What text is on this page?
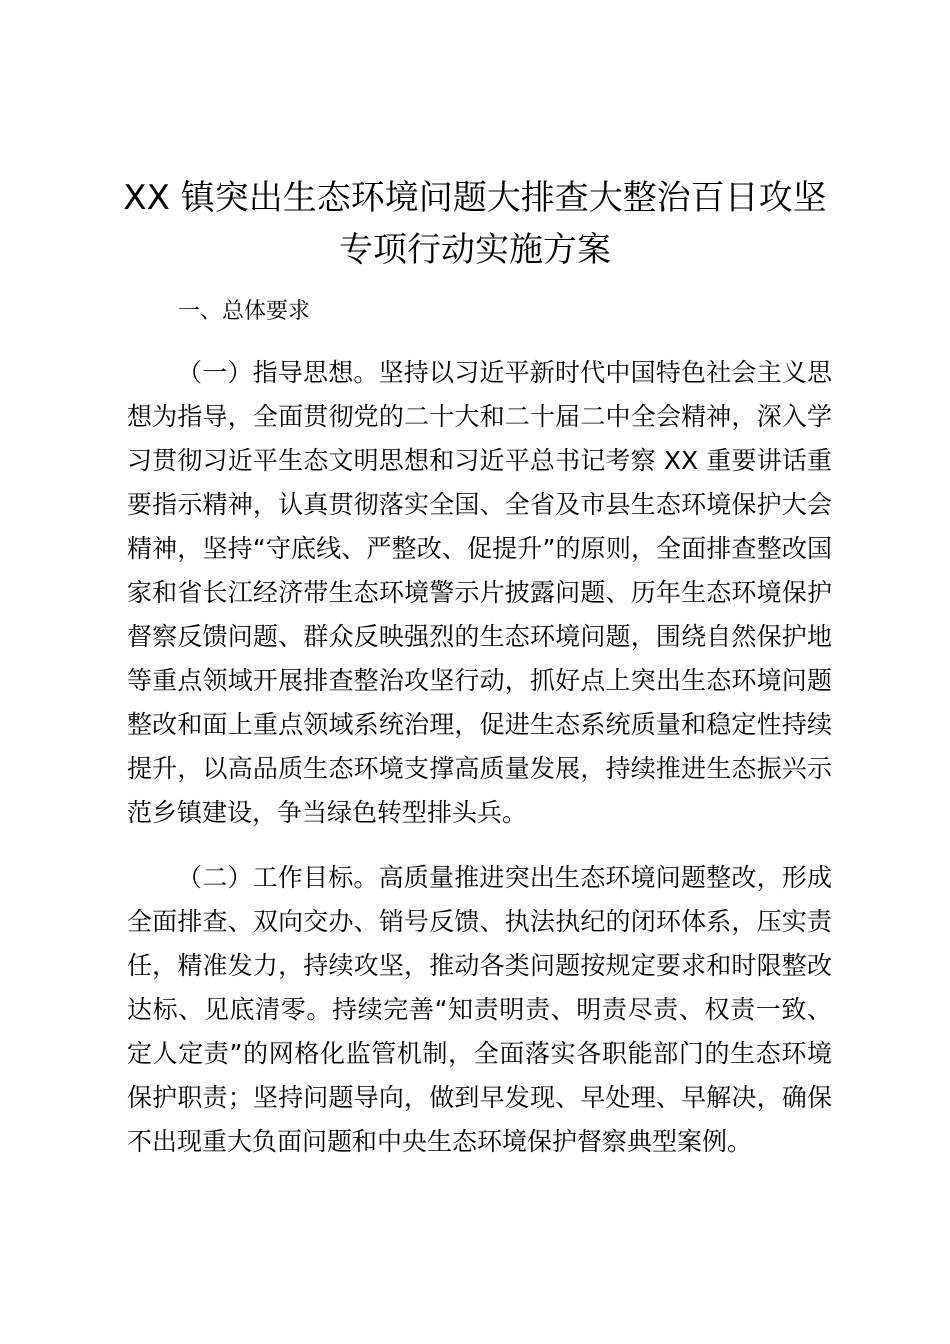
XX 镇突出生态环境问题大排查大整治百日攻坚专项行动实施方案

一、总体要求

（一）指导思想。坚持以习近平新时代中国特色社会主义思想为指导，全面贯彻党的二十大和二十届二中全会精神，深入学习贯彻习近平生态文明思想和习近平总书记考察 XX 重要讲话重要指示精神，认真贯彻落实全国、全省及市县生态环境保护大会精神，坚持“守底线、严整改、促提升”的原则，全面排查整改国家和省长江经济带生态环境警示片披露问题、历年生态环境保护督察反馈问题、群众反映强烈的生态环境问题，围绕自然保护地等重点领域开展排查整治攻坚行动，抓好点上突出生态环境问题整改和面上重点领域系统治理，促进生态系统质量和稳定性持续提升，以高品质生态环境支撑高质量发展，持续推进生态振兴示范乡镇建设，争当绿色转型排头兵。

（二）工作目标。高质量推进突出生态环境问题整改，形成全面排查、双向交办、销号反馈、执法执纪的闭环体系，压实责任，精准发力，持续攻坚，推动各类问题按规定要求和时限整改达标、见底清零。持续完善“知责明责、明责尽责、权责一致、定人定责”的网格化监管机制，全面落实各职能部门的生态环境保护职责；坚持问题导向，做到早发现、早处理、早解决，确保不出现重大负面问题和中央生态环境保护督察典型案例。
